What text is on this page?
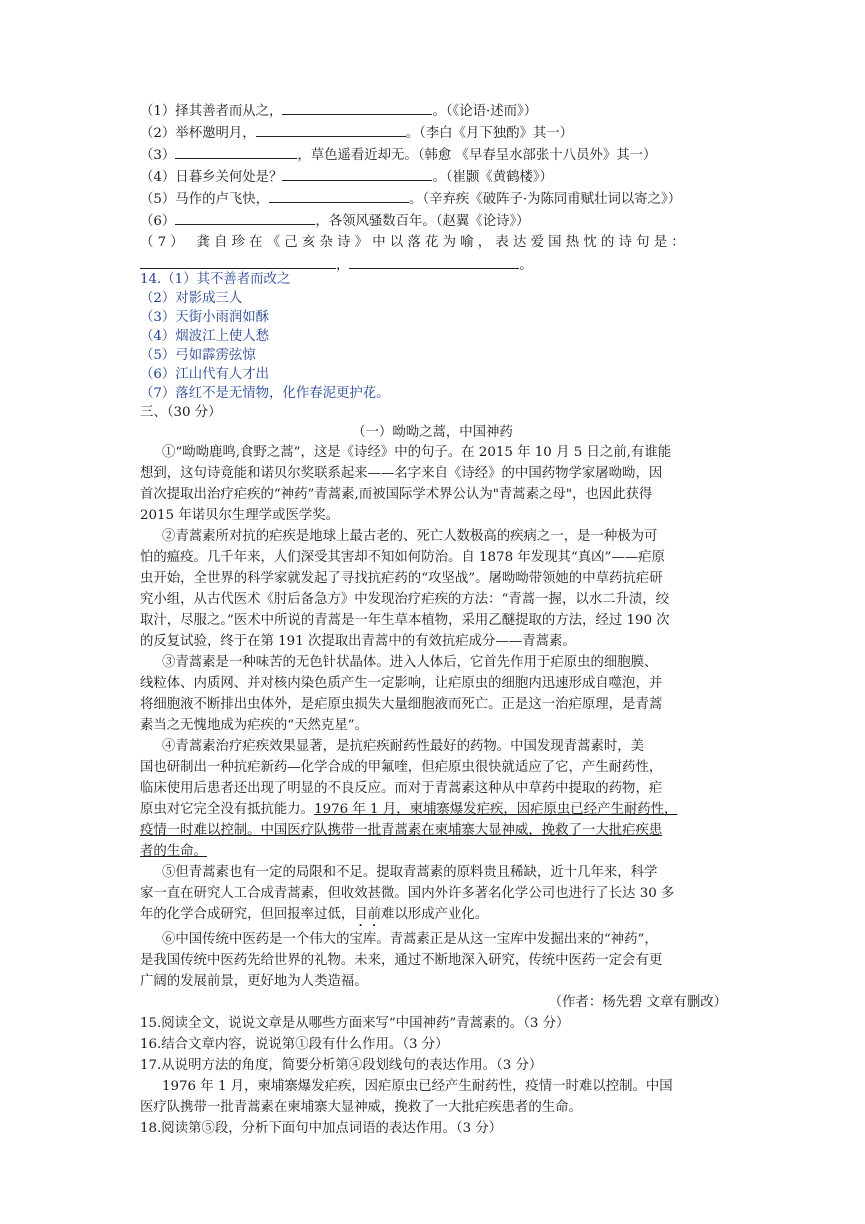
（1）择其善者而从之，	。（《论语·述而》）
（2）举杯邀明月，	。（李白《月下独酌》其一）
（3）	，草色遥看近却无。（韩愈 《早春呈水部张十八员外》其一）
（4）日暮乡关何处是？	。（崔颢《黄鹤楼》）
（5）马作的卢飞快，	。（辛弃疾《破阵子·为陈同甫赋壮词以寄之》）
（6）	，各领风骚数百年。（赵翼《论诗》）
（7） 龚自珍在《己亥杂诗》中以落花为喻，表达爱国热忱的诗句是：
，	。
14.（1）其不善者而改之
（2）对影成三人
（3）天街小雨润如酥
（4）烟波江上使人愁
（5）弓如霹雳弦惊
（6）江山代有人才出
（7）落红不是无情物，化作春泥更护花。
三、（30 分）
（一）呦呦之蒿，中国神药
①“呦呦鹿鸣,食野之蒿”，这是《诗经》中的句子。在 2015 年 10 月 5 日之前,有谁能
想到，这句诗竟能和诺贝尔奖联系起来——名字来自《诗经》的中国药物学家屠呦呦，因
首次提取出治疗疟疾的“神药”青蒿素,而被国际学术界公认为"青蒿素之母"，也因此获得
2015 年诺贝尔生理学或医学奖。
②青蒿素所对抗的疟疾是地球上最古老的、死亡人数极高的疾病之一，是一种极为可
怕的瘟疫。几千年来，人们深受其害却不知如何防治。自 1878 年发现其“真凶”——疟原
虫开始，全世界的科学家就发起了寻找抗疟药的“攻坚战”。屠呦呦带领她的中草药抗疟研
究小组，从古代医术《肘后备急方》中发现治疗疟疾的方法：“青蒿一握，以水二升渍，绞
取汁，尽服之。”医术中所说的青蒿是一年生草本植物，采用乙醚提取的方法，经过 190 次
的反复试验，终于在第 191 次提取出青蒿中的有效抗疟成分——青蒿素。
③青蒿素是一种味苦的无色针状晶体。进入人体后，它首先作用于疟原虫的细胞膜、
线粒体、内质网、并对核内染色质产生一定影响，让疟原虫的细胞内迅速形成自噬泡，并
将细胞液不断排出虫体外，是疟原虫损失大量细胞液而死亡。正是这一治疟原理，是青蒿
素当之无愧地成为疟疾的“天然克星”。
④青蒿素治疗疟疾效果显著，是抗疟疾耐药性最好的药物。中国发现青蒿素时，美
国也研制出一种抗疟新药—化学合成的甲氟喹，但疟原虫很快就适应了它，产生耐药性，
临床使用后患者还出现了明显的不良反应。而对于青蒿素这种从中草药中提取的药物，疟
原虫对它完全没有抵抗能力。1976 年 1 月，柬埔寨爆发疟疾，因疟原虫已经产生耐药性，
疫情一时难以控制。中国医疗队携带一批青蒿素在柬埔寨大显神威，挽救了一大批疟疾患
者的生命。
⑤但青蒿素也有一定的局限和不足。提取青蒿素的原料贵且稀缺，近十几年来，科学
家一直在研究人工合成青蒿素，但收效甚微。国内外许多著名化学公司也进行了长达 30 多
年的化学合成研究，但回报率过低，目前难以形成产业化。
⑥中国传统中医药是一个伟大的宝库。青蒿素正是从这一宝库中发掘出来的“神药”，
是我国传统中医药先给世界的礼物。未来，通过不断地深入研究，传统中医药一定会有更
广阔的发展前景，更好地为人类造福。
（作者：杨先碧 文章有删改）
15.阅读全文，说说文章是从哪些方面来写“中国神药”青蒿素的。（3 分）
16.结合文章内容，说说第①段有什么作用。（3 分）
17.从说明方法的角度，简要分析第④段划线句的表达作用。（3 分）
1976 年 1 月，柬埔寨爆发疟疾，因疟原虫已经产生耐药性，疫情一时难以控制。中国
医疗队携带一批青蒿素在柬埔寨大显神威，挽救了一大批疟疾患者的生命。
18.阅读第⑤段，分析下面句中加点词语的表达作用。（3 分）
